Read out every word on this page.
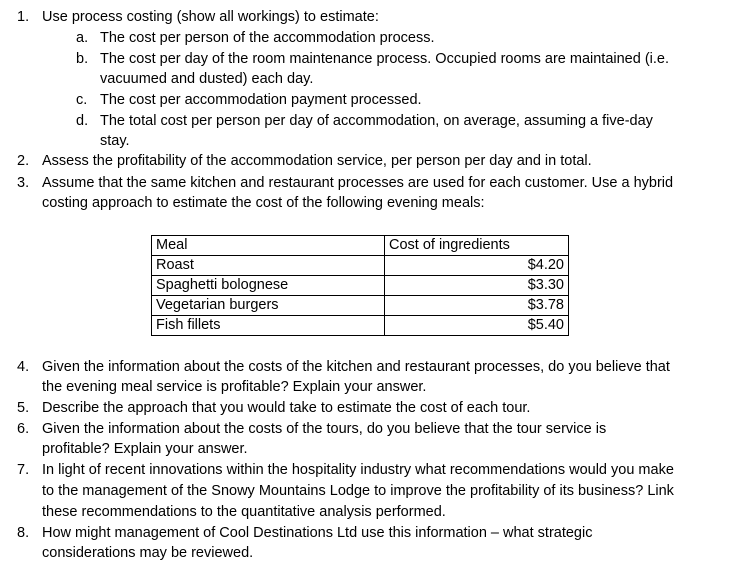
1. Use process costing (show all workings) to estimate:
a. The cost per person of the accommodation process.
b. The cost per day of the room maintenance process. Occupied rooms are maintained (i.e.
vacuumed and dusted) each day.
c. The cost per accommodation payment processed.
d. The total cost per person per day of accommodation, on average, assuming a five-day
stay.
2. Assess the profitability of the accommodation service, per person per day and in total.
3. Assume that the same kitchen and restaurant processes are used for each customer. Use a hybrid
costing approach to estimate the cost of the following evening meals:
Meal	Cost of ingredients
Roast	$4.20
Spaghetti bolognese	$3.30
Vegetarian burgers	$3.78
Fish fillets	$5.40
4. Given the information about the costs of the kitchen and restaurant processes, do you believe that
the evening meal service is profitable? Explain your answer.
5. Describe the approach that you would take to estimate the cost of each tour.
6. Given the information about the costs of the tours, do you believe that the tour service is
profitable? Explain your answer.
7. In light of recent innovations within the hospitality industry what recommendations would you make
to the management of the Snowy Mountains Lodge to improve the profitability of its business? Link
these recommendations to the quantitative analysis performed.
8. How might management of Cool Destinations Ltd use this information – what strategic
considerations may be reviewed.
